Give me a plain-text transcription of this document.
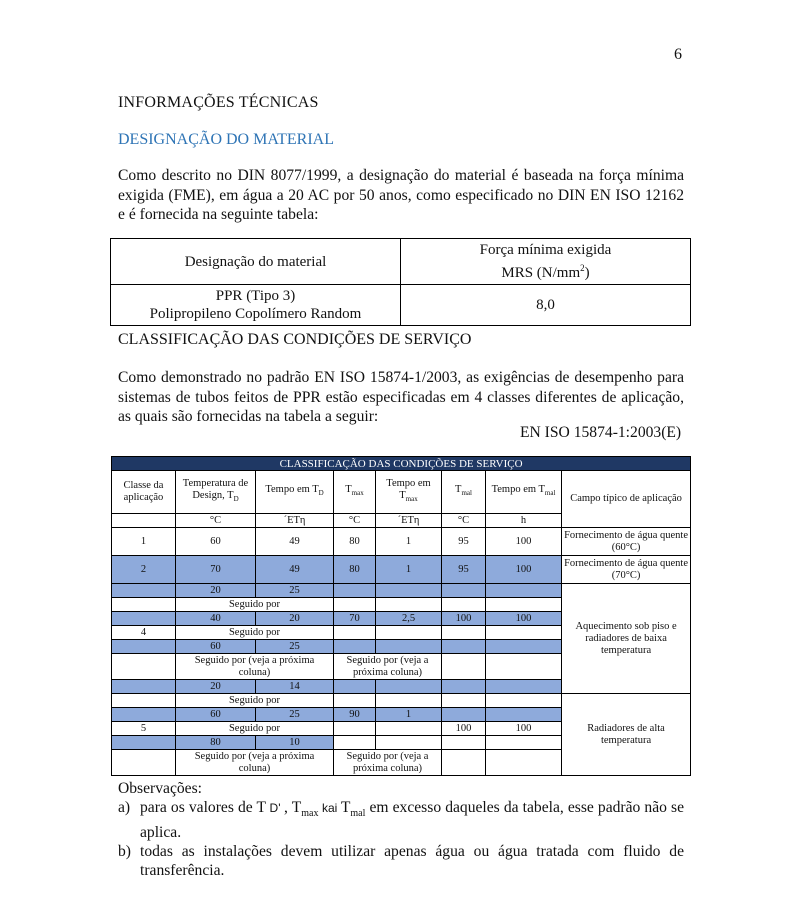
6
INFORMAÇÕES TÉCNICAS
DESIGNAÇÃO DO MATERIAL
Como descrito no DIN 8077/1999, a designação do material é baseada na força mínima exigida (FME), em água a 20 AC por 50 anos, como especificado no DIN EN ISO 12162 e é fornecida na seguinte tabela:
Designação do material	Força mínima exigida
MRS $(N/mm^2)$
PPR (Tipo 3)
Polipropileno Copolímero Random	8,0
CLASSIFICAÇÃO DAS CONDIÇÕES DE SERVIÇO
Como demonstrado no padrão EN ISO 15874-1/2003, as exigências de desempenho para sistemas de tubos feitos de PPR estão especificadas em 4 classes diferentes de aplicação, as quais são fornecidas na tabela a seguir:
EN ISO 15874-1:2003(E)
CLASSIFICAÇÃO DAS CONDIÇÕES DE SERVIÇO							
Classe da aplicação	Temperatura de Design, $T_D$	Tempo em $T_D$	$T_{max}$	Tempo em $T_{max}$	$T_{mal}$	Tempo em $T_{mal}$	Campo típico de aplicação
	°C	´ETη	°C	´ETη	°C	h	
1	60	49	80	1	95	100	Fornecimento de água quente (60°C)
2	70	49	80	1	95	100	Fornecimento de água quente (70°C)
	20	25					Aquecimento sob piso e radiadores de baixa temperatura
	Seguido por						
	40	20	70	2,5	100	100	
4	Seguido por						
	60	25					
	Seguido por (veja a próxima coluna)		Seguido por (veja a próxima coluna)				
	20	14					
	Seguido por						Radiadores de alta temperatura
	60	25	90	1			
5	Seguido por				100	100	
	80	10					
	Seguido por (veja a próxima coluna)		Seguido por (veja a próxima coluna)				
Observações:
a) para os valores de T D' , $T_{max}$ kai $T_{mal}$ em excesso daqueles da tabela, esse padrão não se aplica.
b) todas as instalações devem utilizar apenas água ou água tratada com fluido de transferência.
